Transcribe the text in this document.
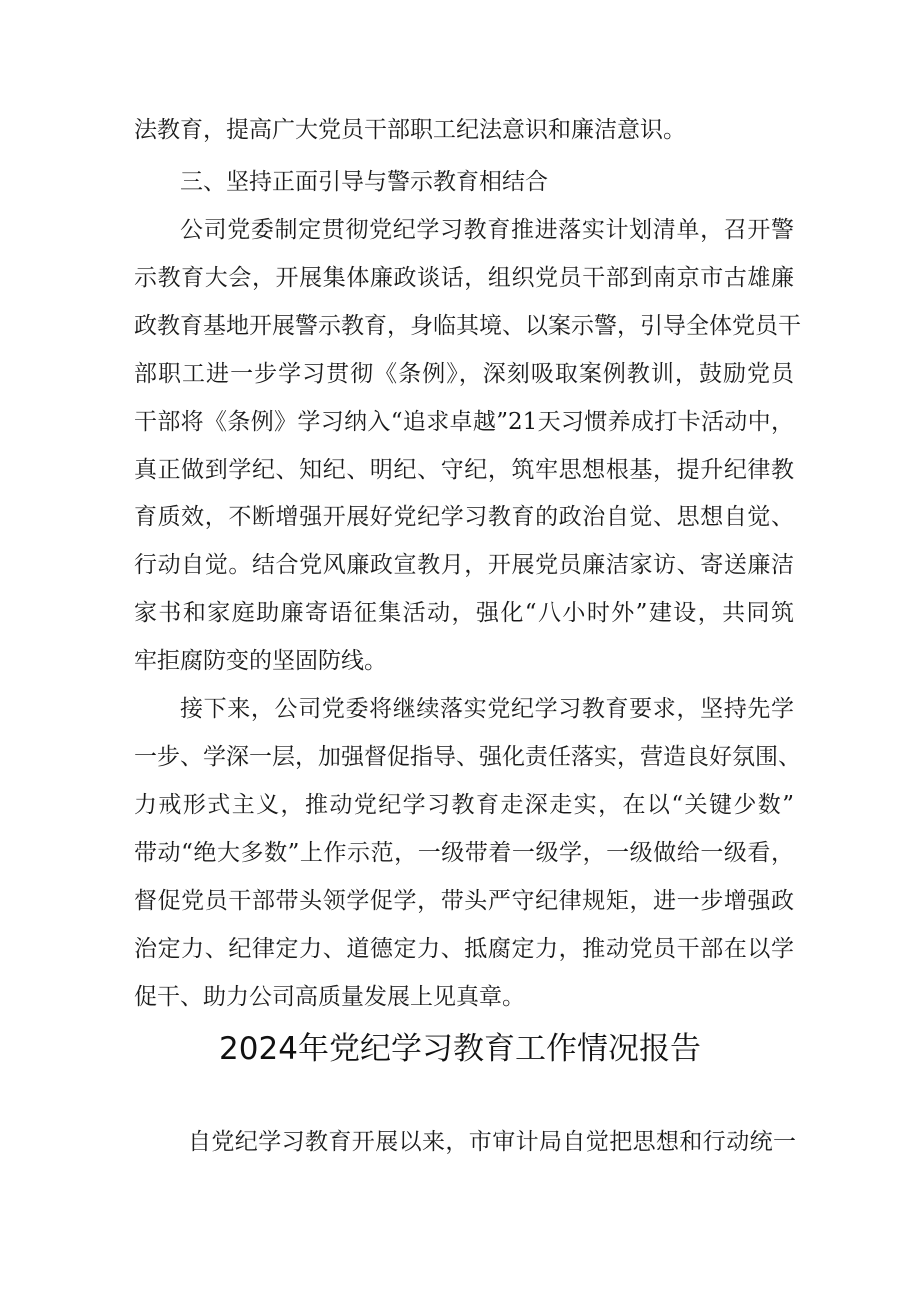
法教育，提高广大党员干部职工纪法意识和廉洁意识。
三、坚持正面引导与警示教育相结合
公司党委制定贯彻党纪学习教育推进落实计划清单，召开警
示教育大会，开展集体廉政谈话，组织党员干部到南京市古雄廉
政教育基地开展警示教育，身临其境、以案示警，引导全体党员干
部职工进一步学习贯彻《条例》，深刻吸取案例教训，鼓励党员
干部将《条例》学习纳入“追求卓越”21天习惯养成打卡活动中，
真正做到学纪、知纪、明纪、守纪，筑牢思想根基，提升纪律教
育质效，不断增强开展好党纪学习教育的政治自觉、思想自觉、
行动自觉。结合党风廉政宣教月，开展党员廉洁家访、寄送廉洁
家书和家庭助廉寄语征集活动，强化“八小时外”建设，共同筑
牢拒腐防变的坚固防线。
接下来，公司党委将继续落实党纪学习教育要求，坚持先学
一步、学深一层，加强督促指导、强化责任落实，营造良好氛围、
力戒形式主义，推动党纪学习教育走深走实，在以“关键少数”
带动“绝大多数”上作示范，一级带着一级学，一级做给一级看，
督促党员干部带头领学促学，带头严守纪律规矩，进一步增强政
治定力、纪律定力、道德定力、抵腐定力，推动党员干部在以学
促干、助力公司高质量发展上见真章。
2024年党纪学习教育工作情况报告
自党纪学习教育开展以来，市审计局自觉把思想和行动统一
